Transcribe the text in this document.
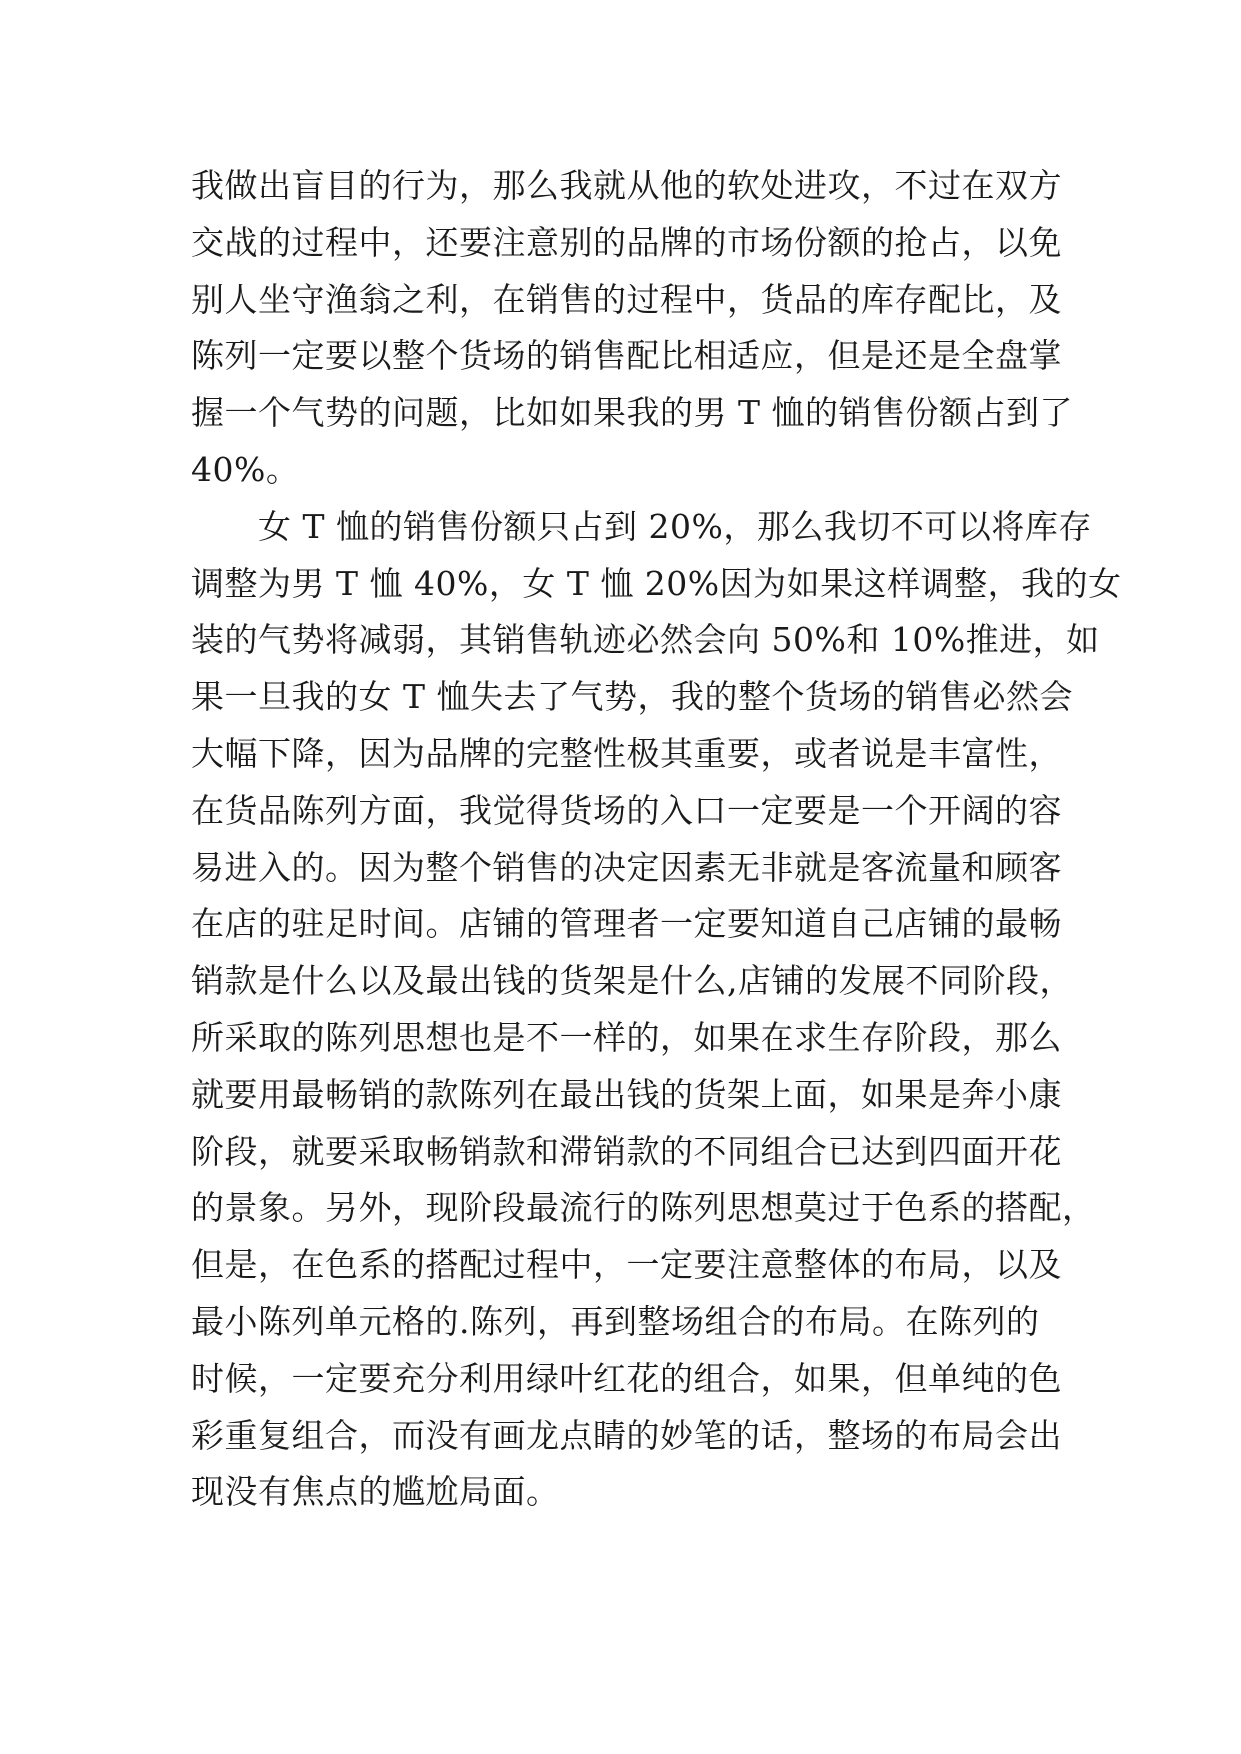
我做出盲目的行为，那么我就从他的软处进攻，不过在双方
交战的过程中，还要注意别的品牌的市场份额的抢占，以免
别人坐守渔翁之利，在销售的过程中，货品的库存配比，及
陈列一定要以整个货场的销售配比相适应，但是还是全盘掌
握一个气势的问题，比如如果我的男 T 恤的销售份额占到了
40%。
　　女 T 恤的销售份额只占到 20%，那么我切不可以将库存
调整为男 T 恤 40%，女 T 恤 20%因为如果这样调整，我的女
装的气势将减弱，其销售轨迹必然会向 50%和 10%推进，如
果一旦我的女 T 恤失去了气势，我的整个货场的销售必然会
大幅下降，因为品牌的完整性极其重要，或者说是丰富性，
在货品陈列方面，我觉得货场的入口一定要是一个开阔的容
易进入的。因为整个销售的决定因素无非就是客流量和顾客
在店的驻足时间。店铺的管理者一定要知道自己店铺的最畅
销款是什么以及最出钱的货架是什么,店铺的发展不同阶段，
所采取的陈列思想也是不一样的，如果在求生存阶段，那么
就要用最畅销的款陈列在最出钱的货架上面，如果是奔小康
阶段，就要采取畅销款和滞销款的不同组合已达到四面开花
的景象。另外，现阶段最流行的陈列思想莫过于色系的搭配，
但是，在色系的搭配过程中，一定要注意整体的布局，以及
最小陈列单元格的.陈列，再到整场组合的布局。在陈列的
时候，一定要充分利用绿叶红花的组合，如果，但单纯的色
彩重复组合，而没有画龙点睛的妙笔的话，整场的布局会出
现没有焦点的尴尬局面。
